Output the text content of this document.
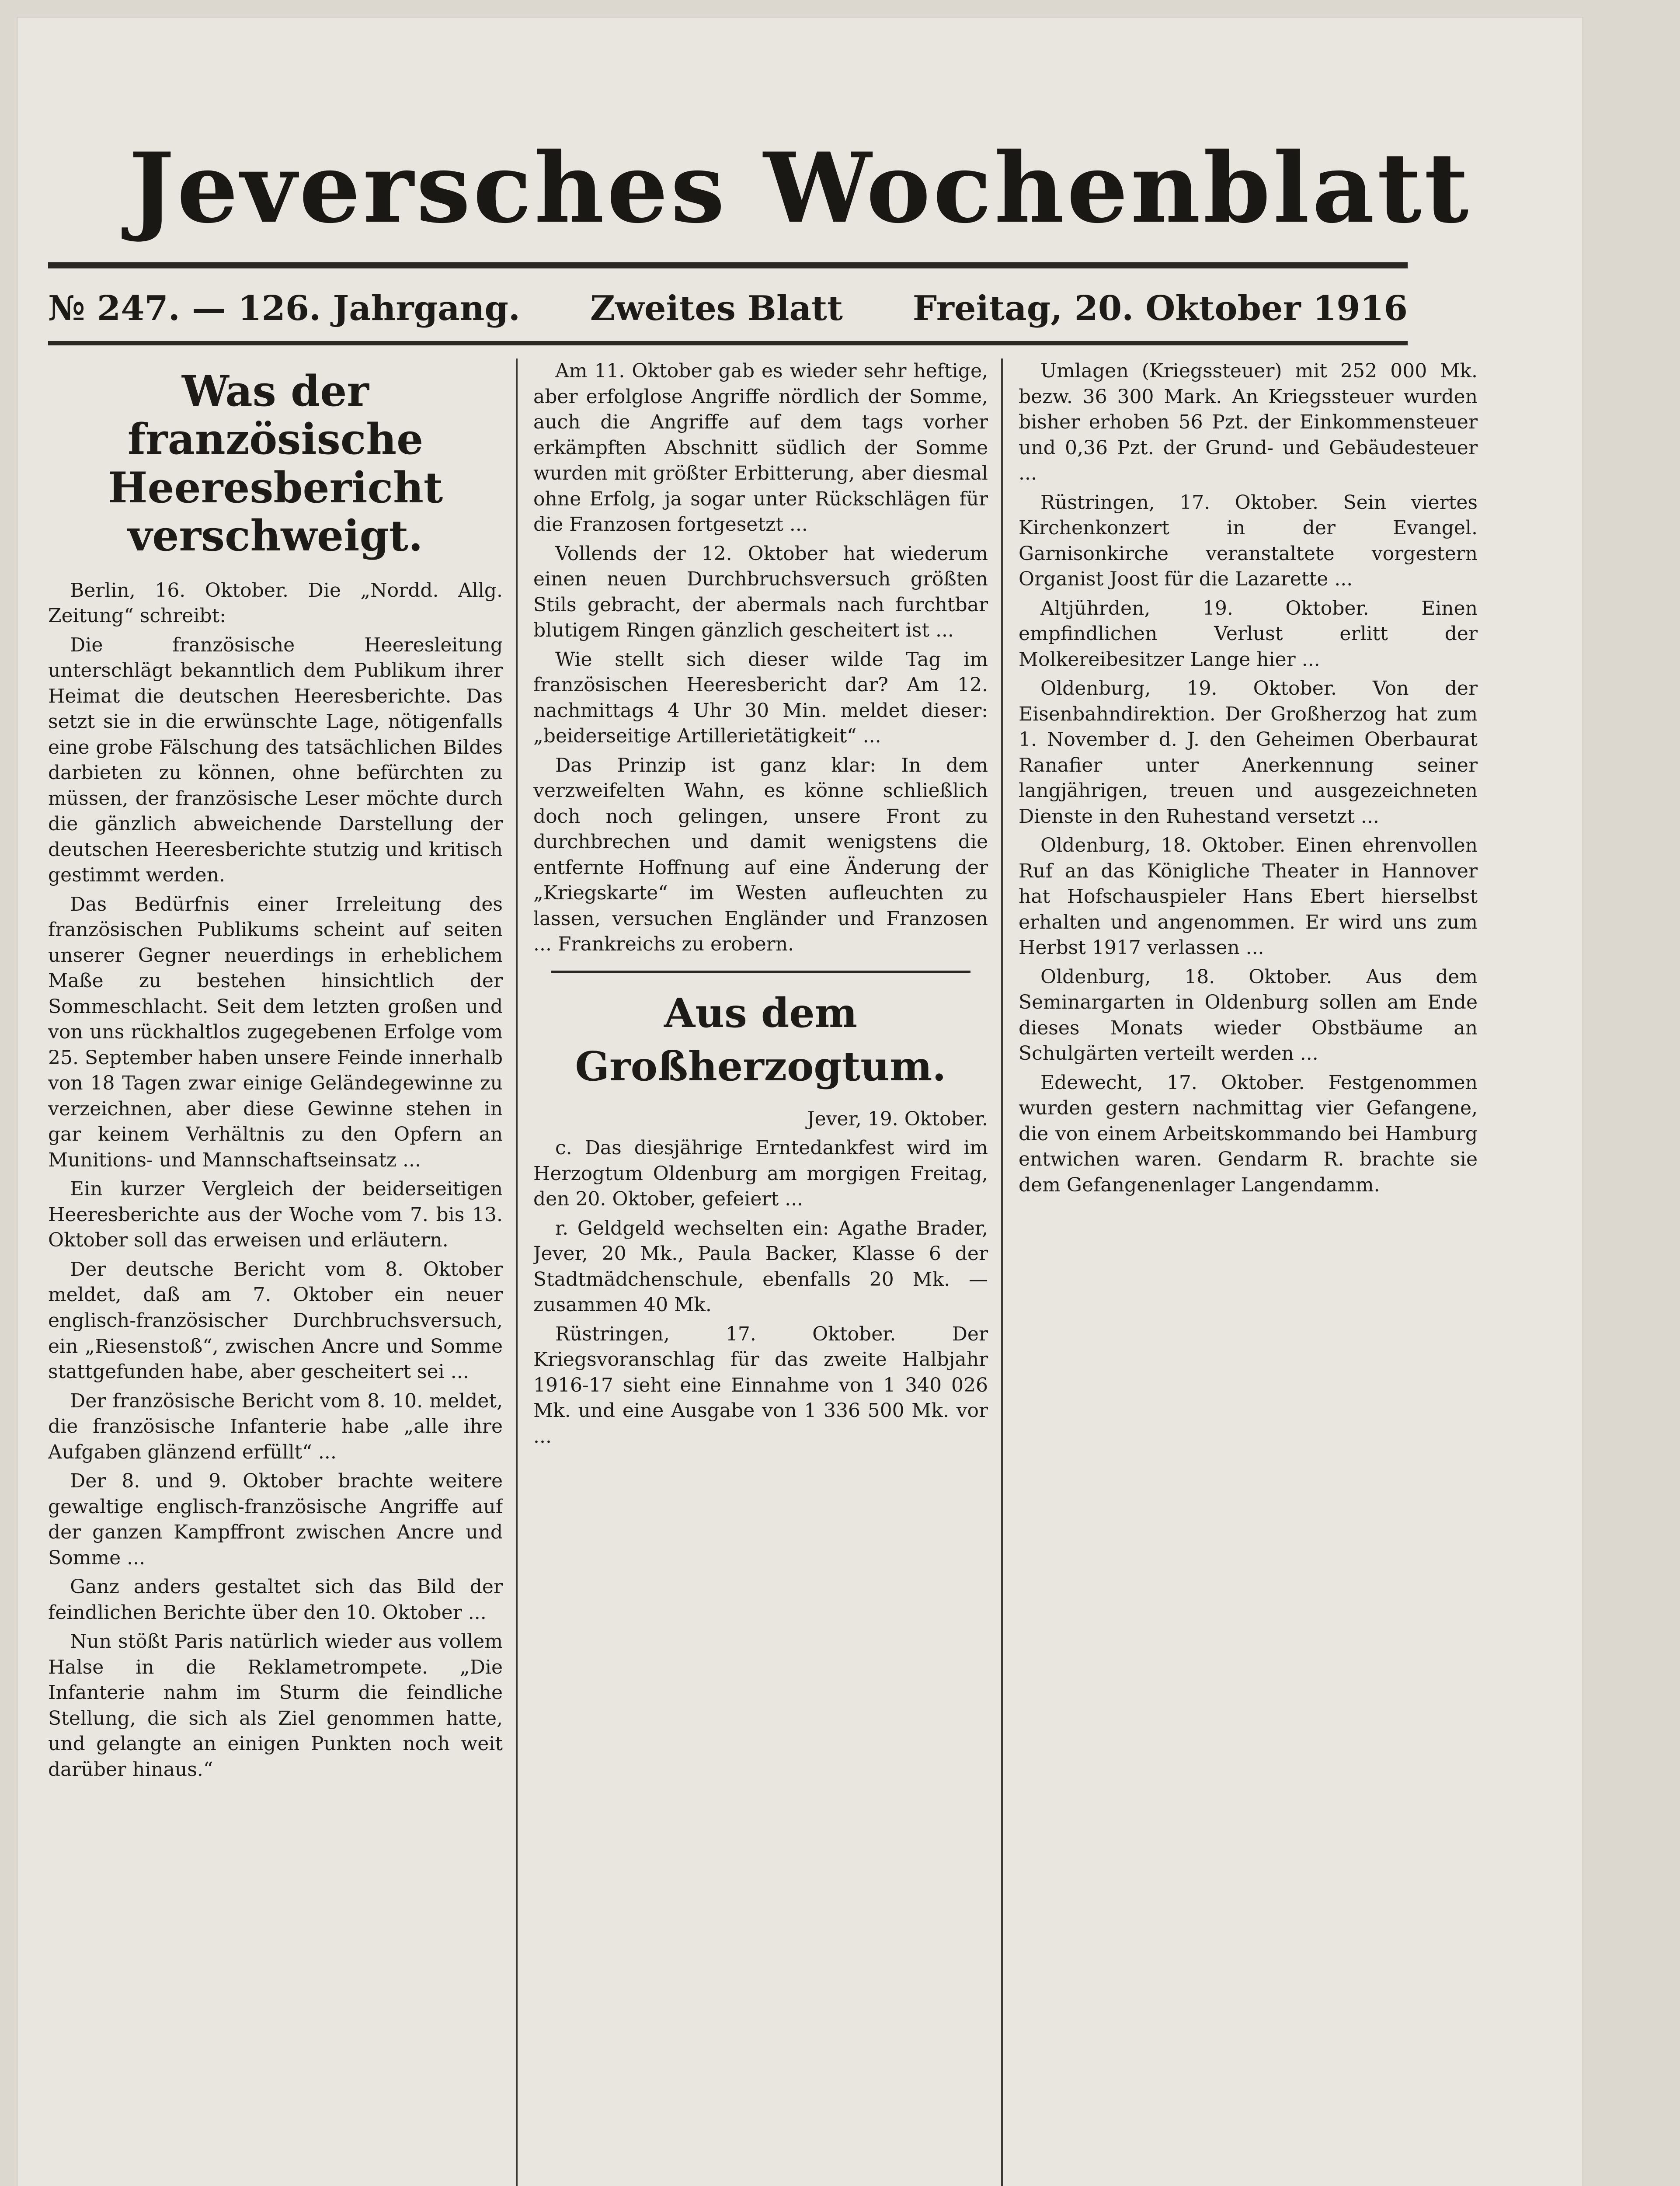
Jeversches Wochenblatt
№ 247. — 126. Jahrgang. Zweites Blatt Freitag, 20. Oktober 1916
Was der französische Heeresbericht verschweigt.

Berlin, 16. Oktober. Die „Nordd. Allg. Zeitung“ schreibt:

Die französische Heeresleitung unterschlägt bekanntlich dem Publikum ihrer Heimat die deutschen Heeresberichte. Das setzt sie in die erwünschte Lage, nötigenfalls eine grobe Fälschung des tatsächlichen Bildes darbieten zu können, ohne befürchten zu müssen, der französische Leser möchte durch die gänzlich abweichende Darstellung der deutschen Heeresberichte stutzig und kritisch gestimmt werden.

Das Bedürfnis einer Irreleitung des französischen Publikums scheint auf seiten unserer Gegner neuerdings in erheblichem Maße zu bestehen hinsichtlich der Sommeschlacht. Seit dem letzten großen und von uns rückhaltlos zugegebenen Erfolge vom 25. September haben unsere Feinde innerhalb von 18 Tagen zwar einige Geländegewinne zu verzeichnen, aber diese Gewinne stehen in gar keinem Verhältnis zu den Opfern an Munitions- und Mannschaftseinsatz ...

Ein kurzer Vergleich der beiderseitigen Heeresberichte aus der Woche vom 7. bis 13. Oktober soll das erweisen und erläutern.

Der deutsche Bericht vom 8. Oktober meldet, daß am 7. Oktober ein neuer englisch-französischer Durchbruchsversuch, ein „Riesenstoß“, zwischen Ancre und Somme stattgefunden habe, aber gescheitert sei ...

Der französische Bericht vom 8. 10. meldet, die französische Infanterie habe „alle ihre Aufgaben glänzend erfüllt“ ...

Der 8. und 9. Oktober brachte weitere gewaltige englisch-französische Angriffe auf der ganzen Kampffront zwischen Ancre und Somme ...

Ganz anders gestaltet sich das Bild der feindlichen Berichte über den 10. Oktober ...

Nun stößt Paris natürlich wieder aus vollem Halse in die Reklametrompete. „Die Infanterie nahm im Sturm die feindliche Stellung, die sich als Ziel genommen hatte, und gelangte an einigen Punkten noch weit darüber hinaus.“

Am 11. Oktober gab es wieder sehr heftige, aber erfolglose Angriffe nördlich der Somme, auch die Angriffe auf dem tags vorher erkämpften Abschnitt südlich der Somme wurden mit größter Erbitterung, aber diesmal ohne Erfolg, ja sogar unter Rückschlägen für die Franzosen fortgesetzt ...

Vollends der 12. Oktober hat wiederum einen neuen Durchbruchsversuch größten Stils gebracht, der abermals nach furchtbar blutigem Ringen gänzlich gescheitert ist ...

Wie stellt sich dieser wilde Tag im französischen Heeresbericht dar? Am 12. nachmittags 4 Uhr 30 Min. meldet dieser: „beiderseitige Artillerietätigkeit“ ...

Das Prinzip ist ganz klar: In dem verzweifelten Wahn, es könne schließlich doch noch gelingen, unsere Front zu durchbrechen und damit wenigstens die entfernte Hoffnung auf eine Änderung der „Kriegskarte“ im Westen aufleuchten zu lassen, versuchen Engländer und Franzosen ... Frankreichs zu erobern.

Aus dem Großherzogtum.
Jever, 19. Oktober.

c. Das diesjährige Erntedankfest wird im Herzogtum Oldenburg am morgigen Freitag, den 20. Oktober, gefeiert ...

r. Geldgeld wechselten ein: Agathe Brader, Jever, 20 Mk., Paula Backer, Klasse 6 der Stadtmädchenschule, ebenfalls 20 Mk. — zusammen 40 Mk.

Rüstringen, 17. Oktober. Der Kriegsvoranschlag für das zweite Halbjahr 1916-17 sieht eine Einnahme von 1 340 026 Mk. und eine Ausgabe von 1 336 500 Mk. vor ...

Umlagen (Kriegssteuer) mit 252 000 Mk. bezw. 36 300 Mark. An Kriegssteuer wurden bisher erhoben 56 Pzt. der Einkommensteuer und 0,36 Pzt. der Grund- und Gebäudesteuer ...

Rüstringen, 17. Oktober. Sein viertes Kirchenkonzert in der Evangel. Garnisonkirche veranstaltete vorgestern Organist Joost für die Lazarette ...

Altjührden, 19. Oktober. Einen empfindlichen Verlust erlitt der Molkereibesitzer Lange hier ...

Oldenburg, 19. Oktober. Von der Eisenbahndirektion. Der Großherzog hat zum 1. November d. J. den Geheimen Oberbaurat Ranafier unter Anerkennung seiner langjährigen, treuen und ausgezeichneten Dienste in den Ruhestand versetzt ...

Oldenburg, 18. Oktober. Einen ehrenvollen Ruf an das Königliche Theater in Hannover hat Hofschauspieler Hans Ebert hierselbst erhalten und angenommen. Er wird uns zum Herbst 1917 verlassen ...

Oldenburg, 18. Oktober. Aus dem Seminargarten in Oldenburg sollen am Ende dieses Monats wieder Obstbäume an Schulgärten verteilt werden ...

Edewecht, 17. Oktober. Festgenommen wurden gestern nachmittag vier Gefangene, die von einem Arbeitskommando bei Hamburg entwichen waren. Gendarm R. brachte sie dem Gefangenenlager Langendamm.
